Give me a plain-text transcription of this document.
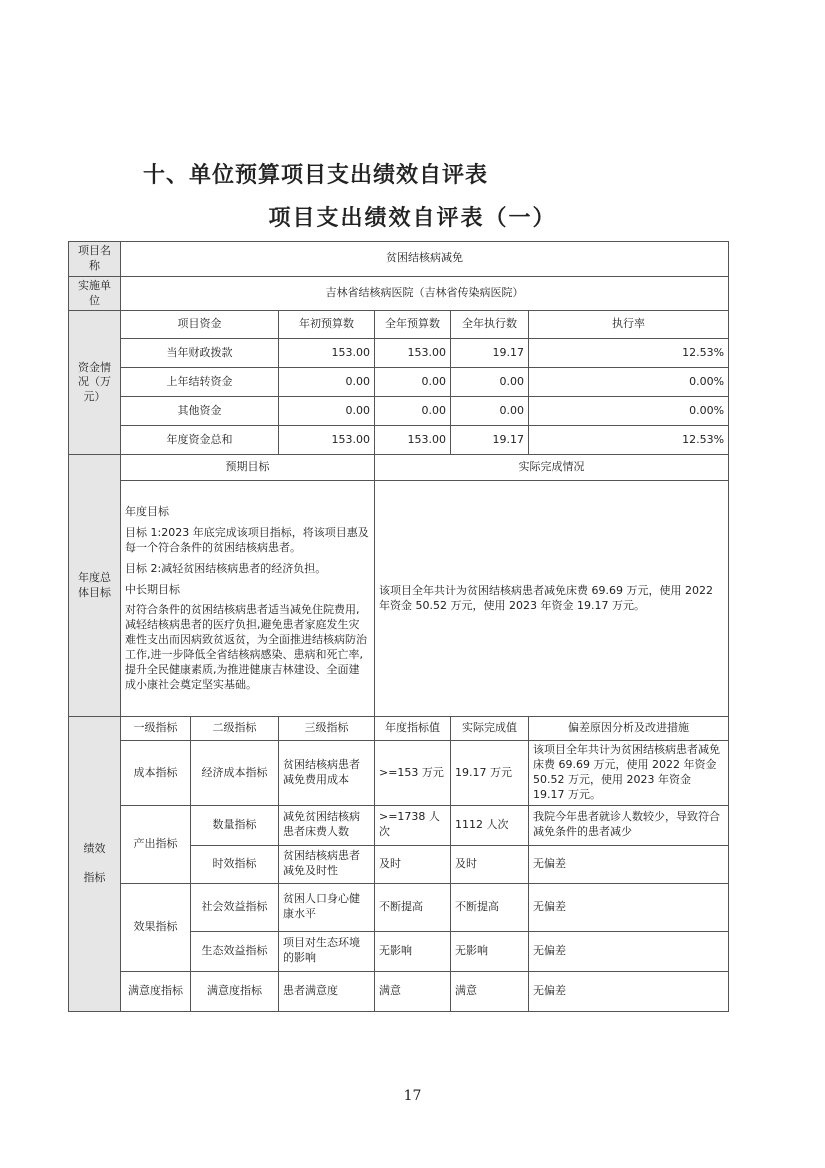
十、单位预算项目支出绩效自评表
项目支出绩效自评表（一）
项目名称	贫困结核病减免					
实施单位	吉林省结核病医院（吉林省传染病医院）					
资金情况（万元）	项目资金		年初预算数	全年预算数	全年执行数	执行率
	当年财政拨款		153.00	153.00	19.17	12.53%
	上年结转资金		0.00	0.00	0.00	0.00%
	其他资金		0.00	0.00	0.00	0.00%
	年度资金总和		153.00	153.00	19.17	12.53%
年度总体目标	预期目标			实际完成情况		

	年度目标

目标 1:2023 年底完成该项目指标，将该项目惠及每一个符合条件的贫困结核病患者。

目标 2:减轻贫困结核病患者的经济负担。

中长期目标

对符合条件的贫困结核病患者适当减免住院费用,减轻结核病患者的医疗负担,避免患者家庭发生灾难性支出而因病致贫返贫，为全面推进结核病防治工作,进一步降低全省结核病感染、患病和死亡率,提升全民健康素质,为推进健康吉林建设、全面建成小康社会奠定坚实基础。			该项目全年共计为贫困结核病患者减免床费 69.69 万元，使用 2022 年资金 50.52 万元，使用 2023 年资金 19.17 万元。		

绩效
指标	一级指标	二级指标	三级指标	年度指标值	实际完成值	偏差原因分析及改进措施
	成本指标	经济成本指标	贫困结核病患者减免费用成本	>=153 万元	19.17 万元	该项目全年共计为贫困结核病患者减免床费 69.69 万元，使用 2022 年资金 50.52 万元，使用 2023 年资金 19.17 万元。
	产出指标	数量指标	减免贫困结核病患者床费人数	>=1738 人次	1112 人次	我院今年患者就诊人数较少，导致符合减免条件的患者减少
		时效指标	贫困结核病患者减免及时性	及时	及时	无偏差
	效果指标	社会效益指标	贫困人口身心健康水平	不断提高	不断提高	无偏差
		生态效益指标	项目对生态环境的影响	无影响	无影响	无偏差
	满意度指标	满意度指标	患者满意度	满意	满意	无偏差
17
